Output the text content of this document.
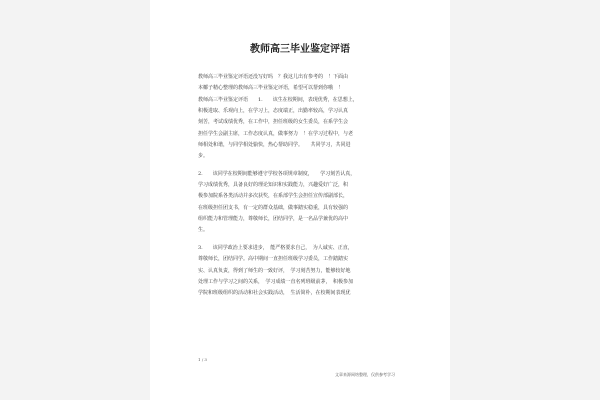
教师高三毕业鉴定评语
教师高三毕业鉴定评语还没写好吗　？我这儿出有参考的　！下面由
本椰子精心整理的教师高三毕业鉴定评语，希望可以帮到你哦　！
教师高三毕业鉴定评语　　1.　　该生在校期间，表现优秀，在思想上，
积极进取、乐观向上，在学习上，态度端正，出勤率较高，学习认真
刻苦，考试成绩优秀，在工作中，担任班级的女生委员，在系学生会
担任学生会副主席，工作态度认真，做事努力　！在学习过程中，与老
师相处和谐，与同学相处愉快，热心帮助同学。　　共同学习，共同进
步。
2.　　该同学在校期间能够遵守学校各项规章制度，　　学习刻苦认真，
学习成绩优秀，具备良好的理论知识和实践能力，兴趣爱好广泛，积
极参加院系各类活动并多次获奖，在系部学生会担任宣传部副部长，
在班级担任团支书，有一定的群众基础，做事踏实稳重，具有较强的
组织能力和管理能力，尊敬师长，团结同学，是一名品学兼优的高中
生。
3.　　该同学政治上要求进步，　能严格要求自己，　为人诚实、正直，
尊敬师长，团结同学。高中期间一直担任班级学习委员，工作踏踏实
实、认真负责，得到了师生的一致好评，　学习刻苦努力，能够较好地
处理工作与学习之间的关系，　学习成绩一直名列班级前茅，　积极参加
学院和班级组织的活动和社会实践活动，　生活简朴，在校期间表现优
1 / 3
文章来源网络整理，仅供参考学习
